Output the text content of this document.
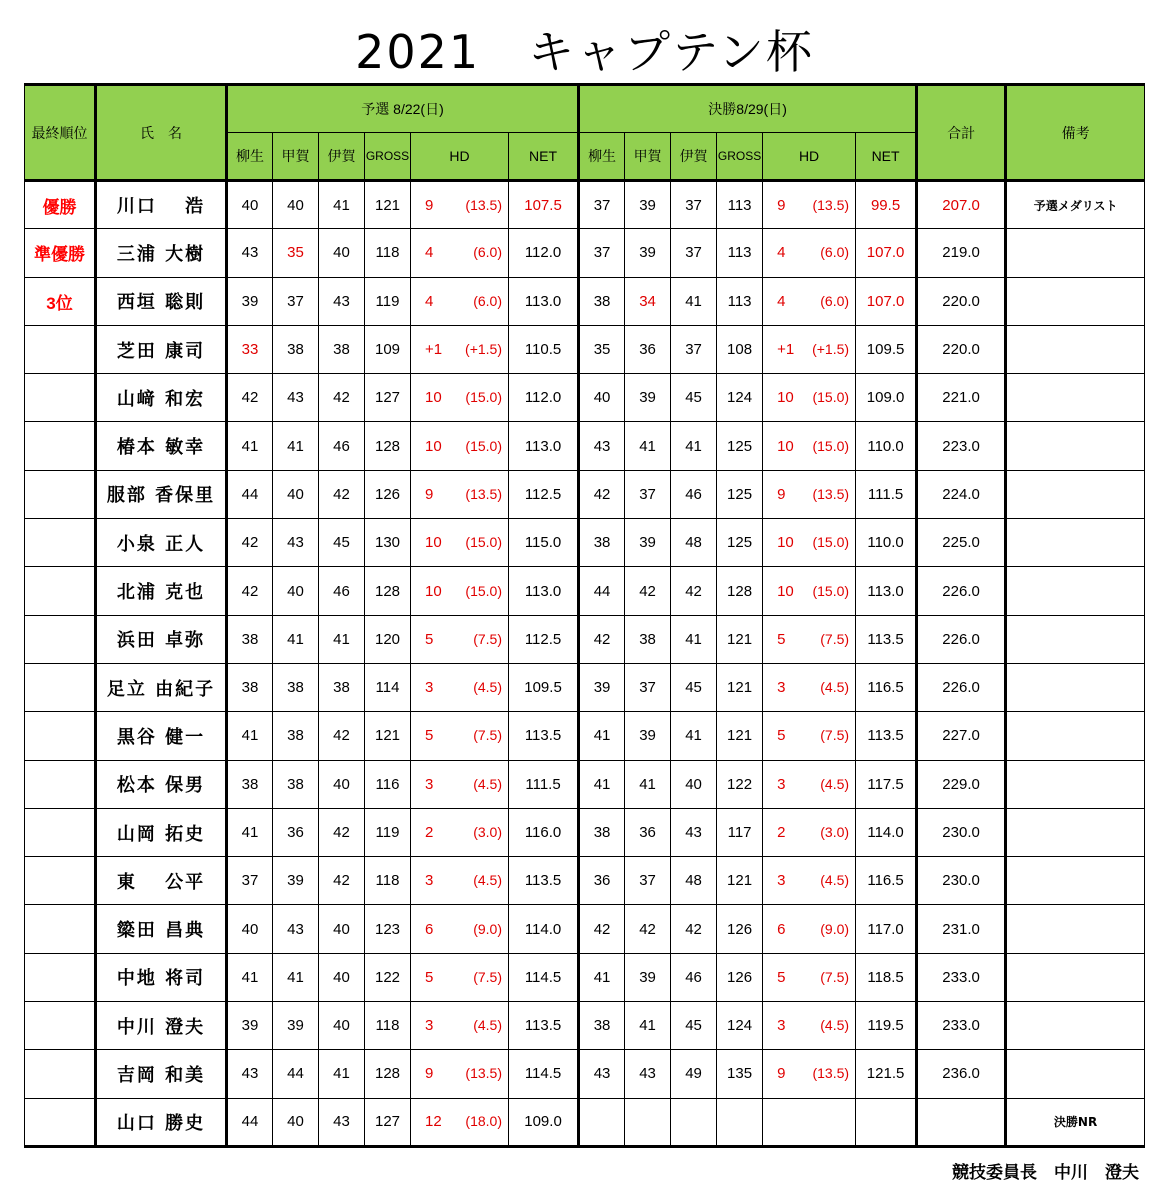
2021　キャプテン杯
最終順位	氏　名	予選 8/22(日)						決勝8/29(日)						合計	備考
		柳生	甲賀	伊賀	GROSS	HD	NET	柳生	甲賀	伊賀	GROSS	HD	NET		
優勝	川口　 浩	40	40	41	121	9 (13.5)	107.5	37	39	37	113	9 (13.5)	99.5	207.0	予選メダリスト
準優勝	三浦 大樹	43	35	40	118	4 (6.0)	112.0	37	39	37	113	4 (6.0)	107.0	219.0	
3位	西垣 聡則	39	37	43	119	4 (6.0)	113.0	38	34	41	113	4 (6.0)	107.0	220.0	
	芝田 康司	33	38	38	109	+1 (+1.5)	110.5	35	36	37	108	+1 (+1.5)	109.5	220.0	
	山﨑 和宏	42	43	42	127	10 (15.0)	112.0	40	39	45	124	10 (15.0)	109.0	221.0	
	椿本 敏幸	41	41	46	128	10 (15.0)	113.0	43	41	41	125	10 (15.0)	110.0	223.0	
	服部 香保里	44	40	42	126	9 (13.5)	112.5	42	37	46	125	9 (13.5)	111.5	224.0	
	小泉 正人	42	43	45	130	10 (15.0)	115.0	38	39	48	125	10 (15.0)	110.0	225.0	
	北浦 克也	42	40	46	128	10 (15.0)	113.0	44	42	42	128	10 (15.0)	113.0	226.0	
	浜田 卓弥	38	41	41	120	5 (7.5)	112.5	42	38	41	121	5 (7.5)	113.5	226.0	
	足立 由紀子	38	38	38	114	3 (4.5)	109.5	39	37	45	121	3 (4.5)	116.5	226.0	
	黒谷 健一	41	38	42	121	5 (7.5)	113.5	41	39	41	121	5 (7.5)	113.5	227.0	
	松本 保男	38	38	40	116	3 (4.5)	111.5	41	41	40	122	3 (4.5)	117.5	229.0	
	山岡 拓史	41	36	42	119	2 (3.0)	116.0	38	36	43	117	2 (3.0)	114.0	230.0	
	東　 公平	37	39	42	118	3 (4.5)	113.5	36	37	48	121	3 (4.5)	116.5	230.0	
	簗田 昌典	40	43	40	123	6 (9.0)	114.0	42	42	42	126	6 (9.0)	117.0	231.0	
	中地 将司	41	41	40	122	5 (7.5)	114.5	41	39	46	126	5 (7.5)	118.5	233.0	
	中川 澄夫	39	39	40	118	3 (4.5)	113.5	38	41	45	124	3 (4.5)	119.5	233.0	
	吉岡 和美	43	44	41	128	9 (13.5)	114.5	43	43	49	135	9 (13.5)	121.5	236.0	
	山口 勝史	44	40	43	127	12 (18.0)	109.0								決勝NR
競技委員長　中川　澄夫
